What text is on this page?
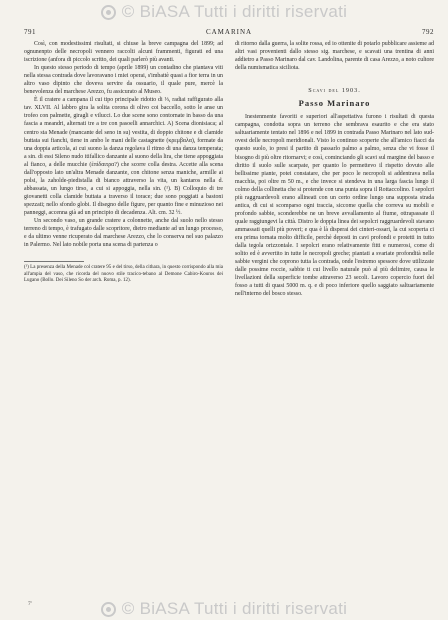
© BiASA Tutti i diritti riservati
791	CAMARINA	792

Così, con modestissimi risultati, si chiuse la breve campagna del 1899; ad ognunenpto delle necropoli vennero raccolti alcuni frammenti, figurati ed una iscrizione (anfora di piccolo scritto, dei quali parlerò più avanti.

In questo stesso periodo di tempo (aprile 1899) un contadino che piantava viti nella stessa contrada dove lavoravano i miei operai, s'imbattè quasi a fior terra in un altro vaso dipinto che doveva servire da ossuario, il quale pure, mercè la benevolenza del marchese Arezzo, fu assicurato al Museo.

È il cratere a campana il cui tipo principale ridotto di ⅓, radiai raffigurato alla tav. XLVII. Al labbro gira la solita corona di olivo coi baccello, sotto le anse un trofeo con palmette, giragli e vilucci. Lo due scene sono contornate in basso da una fascia a meandri, alternati tre a tre con pasoelli annarchici. A) Scena dionisiaca; al centro sta Menade (mancante del seno in su) vestita, di doppio chitone e di clamide buttata sui fianchi, tiene in ambo le mani delle castagnette (κρεμβαλα), formate da una doppia articola, ai cui suono la danza regolava il ritmo di una danza temperata; a sin. di essi Sileno nudo itifallico danzante al suono della lira, che tiene appoggiata al fianco, a delle mucchie (ἐπίδαιτρα?) che scorre colla destra. Accette alla scena dall'opposto lato un'altra Menade danzante, con chitone senza maniche, armille ai polsi, la zaholde-piedistalla di bianco attraverso la vita, un kantaros nella d. abbassata, un lungo tirso, a cui si appoggia, nella sin. (¹). B) Colloquio di tre giovanetti colla clamide buttata a traverso il torace; due sono poggiati a bastoni spezzati; nello sfondo globi. Il disegno delle figure, per quanto fine e minuzioso nei panneggi, accenna già ad un principio di decadenza. Alt. cm. 32 ½.

Un secondo vaso, un grande cratere a colonnette, anche dal suolo nello stesso terreno di tempo, è trafugato dalle scopritore, dietro mediante ad un lungo processo, e da ultimo venne ricuperato dal marchese Arezzo, che lo conserva nel suo palazzo in Palermo. Nel lato nobile porta una scena di partenza o

(¹) La presenza della Menade col cratere 95 e del tirso, della cithara, in questo corrispondo alla mia all'ampia del vaso, che ricorda del nuovo stile tracico-tebano al Demone Cabiro-Kouros dei Lugano (Bollo. Dei Sileno So der arch. Roma, p. 12).

di ritorno dalla guerra, la solite rossa, ed io ottenite di potarlo pubblicare assieme ad altri vasi provenienti dallo stesso sig. marchese, e scavati una trentina di anni addietro a Passo Marinaro dal cav. Landolina, parente di casa Arezzo, a noto cultore della numismatica siciliota.

Scavi del 1903.
Passo Marinaro

Inestenmente favoriti e superiori all'aspettativa furono i risultati di questa campagna, condotta sopra un terreno che sembrava esaurito e che era stato saltuariamente tentato nel 1896 e nel 1899 in contrada Passo Marinaro nel lato sud-ovest delle necropoli meridionali. Visto lo continuo scoperte che all'amico fiacci da questo suolo, io presi il partito di passarlo palmo a palmo, senza che vi fosse il bisogno di più oltre ritornarvi; e così, cominciando gli scavi sul margine del basso e diritto il suolo sulle scarpate, per quanto lo permettevo il rispetto dovuto alle bellissime piante, potei constatare, che per poco le necropoli si addentrava nella macchia, poi oltre m 50 m., e che invece si stendeva in una larga fascia lungo il colmo della collinetta che si protende con una punta sopra il Rottaccolino. I sepolcri più raggruardevoli erano allineati con un certo ordine lungo una supposta strada antica, di cui si scomparso ogni traccia, siccome quella che correva su mobili e profondo sabbie, sconderebbe ne un breve avvallamento al fiume, ottrapassate il quale raggiungevi la città. Distro le doppia linea dei sepolcri raggruardevoli stavano ammassati quelli più poveri; e qua è là disperai dei cinteri-ossari, la cui scoperta ci era prima tornata molto difficile, perchè deposti in cavi profondi e protetti in tutto dalla tegola orizzontale. I sepolcri erano relativamente fitti e numerosi, come di solito ed è avvertito in tutte le necropoli greche; piantati a svariate profondità nelle sabbie vergini che coprono tutta la contrada, onde l'estremo spessore dove utilizzate dalle possime roccie, sabbie ti cui livello naturale può al più delimire, causa le livellazioni della superficie tombe attraverso 23 secoli. Lavoro copercio fuori del fosso a tutti di quasi 5000 m. q. e di poco inferiore quello saggiato saltuariamente nell'interno del bosco stesso.

7'	© BiASA Tutti i diritti riservati
